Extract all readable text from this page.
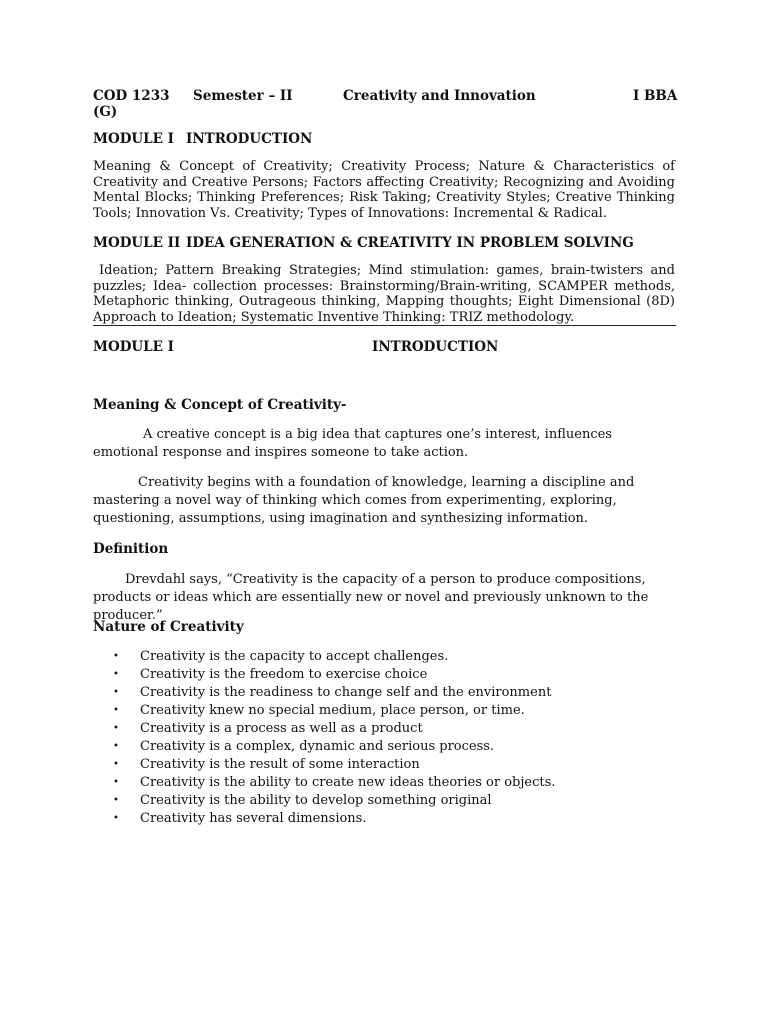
COD 1233 Semester – II	Creativity and Innovation	I BBA
(G)
MODULE I INTRODUCTION
Meaning & Concept of Creativity; Creativity Process; Nature & Characteristics of Creativity and Creative Persons; Factors affecting Creativity; Recognizing and Avoiding Mental Blocks; Thinking Preferences; Risk Taking; Creativity Styles; Creative Thinking Tools; Innovation Vs. Creativity; Types of Innovations: Incremental & Radical.
MODULE II IDEA GENERATION & CREATIVITY IN PROBLEM SOLVING
Ideation; Pattern Breaking Strategies; Mind stimulation: games, brain-twisters and puzzles; Idea- collection processes: Brainstorming/Brain-writing, SCAMPER methods, Metaphoric thinking, Outrageous thinking, Mapping thoughts; Eight Dimensional (8D) Approach to Ideation; Systematic Inventive Thinking: TRIZ methodology.
MODULE I	INTRODUCTION
Meaning & Concept of Creativity-
A creative concept is a big idea that captures one’s interest, influences emotional response and inspires someone to take action.
Creativity begins with a foundation of knowledge, learning a discipline and mastering a novel way of thinking which comes from experimenting, exploring, questioning, assumptions, using imagination and synthesizing information.
Definition
Drevdahl says, “Creativity is the capacity of a person to produce compositions, products or ideas which are essentially new or novel and previously unknown to the producer.”
Nature of Creativity
• Creativity is the capacity to accept challenges.
• Creativity is the freedom to exercise choice
• Creativity is the readiness to change self and the environment
• Creativity knew no special medium, place person, or time.
• Creativity is a process as well as a product
• Creativity is a complex, dynamic and serious process.
• Creativity is the result of some interaction
• Creativity is the ability to create new ideas theories or objects.
• Creativity is the ability to develop something original
• Creativity has several dimensions.
